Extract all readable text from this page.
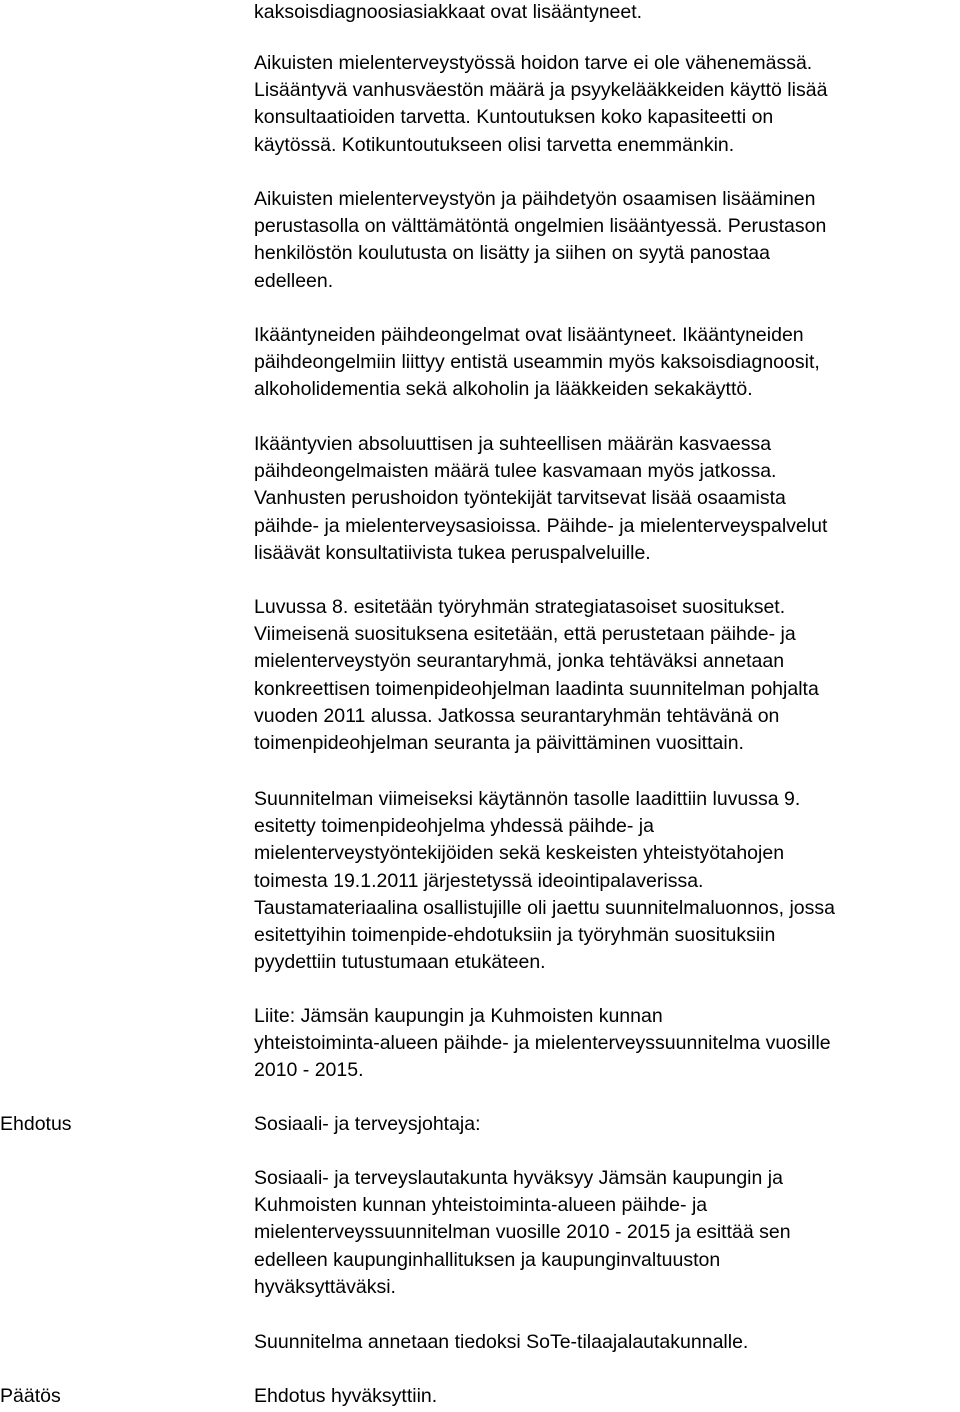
kaksoisdiagnoosiasiakkaat ovat lisääntyneet.
Aikuisten mielenterveystyössä hoidon tarve ei ole vähenemässä.
Lisääntyvä vanhusväestön määrä ja psyykelääkkeiden käyttö lisää
konsultaatioiden tarvetta. Kuntoutuksen koko kapasiteetti on
käytössä. Kotikuntoutukseen olisi tarvetta enemmänkin.
Aikuisten mielenterveystyön ja päihdetyön osaamisen lisääminen
perustasolla on välttämätöntä ongelmien lisääntyessä. Perustason
henkilöstön koulutusta on lisätty ja siihen on syytä panostaa
edelleen.
Ikääntyneiden päihdeongelmat ovat lisääntyneet. Ikääntyneiden
päihdeongelmiin liittyy entistä useammin myös kaksoisdiagnoosit,
alkoholidementia sekä alkoholin ja lääkkeiden sekakäyttö.
Ikääntyvien absoluuttisen ja suhteellisen määrän kasvaessa
päihdeongelmaisten määrä tulee kasvamaan myös jatkossa.
Vanhusten perushoidon työntekijät tarvitsevat lisää osaamista
päihde- ja mielenterveysasioissa. Päihde- ja mielenterveyspalvelut
lisäävät konsultatiivista tukea peruspalveluille.
Luvussa 8. esitetään työryhmän strategiatasoiset suositukset.
Viimeisenä suosituksena esitetään, että perustetaan päihde- ja
mielenterveystyön seurantaryhmä, jonka tehtäväksi annetaan
konkreettisen toimenpideohjelman laadinta suunnitelman pohjalta
vuoden 2011 alussa. Jatkossa seurantaryhmän tehtävänä on
toimenpideohjelman seuranta ja päivittäminen vuosittain.
Suunnitelman viimeiseksi käytännön tasolle laadittiin luvussa 9.
esitetty toimenpideohjelma yhdessä päihde- ja
mielenterveystyöntekijöiden sekä keskeisten yhteistyötahojen
toimesta 19.1.2011 järjestetyssä ideointipalaverissa.
Taustamateriaalina osallistujille oli jaettu suunnitelmaluonnos, jossa
esitettyihin toimenpide-ehdotuksiin ja työryhmän suosituksiin
pyydettiin tutustumaan etukäteen.
Liite: Jämsän kaupungin ja Kuhmoisten kunnan
yhteistoiminta-alueen päihde- ja mielenterveyssuunnitelma vuosille
2010 - 2015.
Ehdotus	Sosiaali- ja terveysjohtaja:
Sosiaali- ja terveyslautakunta hyväksyy Jämsän kaupungin ja
Kuhmoisten kunnan yhteistoiminta-alueen päihde- ja
mielenterveyssuunnitelman vuosille 2010 - 2015 ja esittää sen
edelleen kaupunginhallituksen ja kaupunginvaltuuston
hyväksyttäväksi.
Suunnitelma annetaan tiedoksi SoTe-tilaajalautakunnalle.
Päätös	Ehdotus hyväksyttiin.
